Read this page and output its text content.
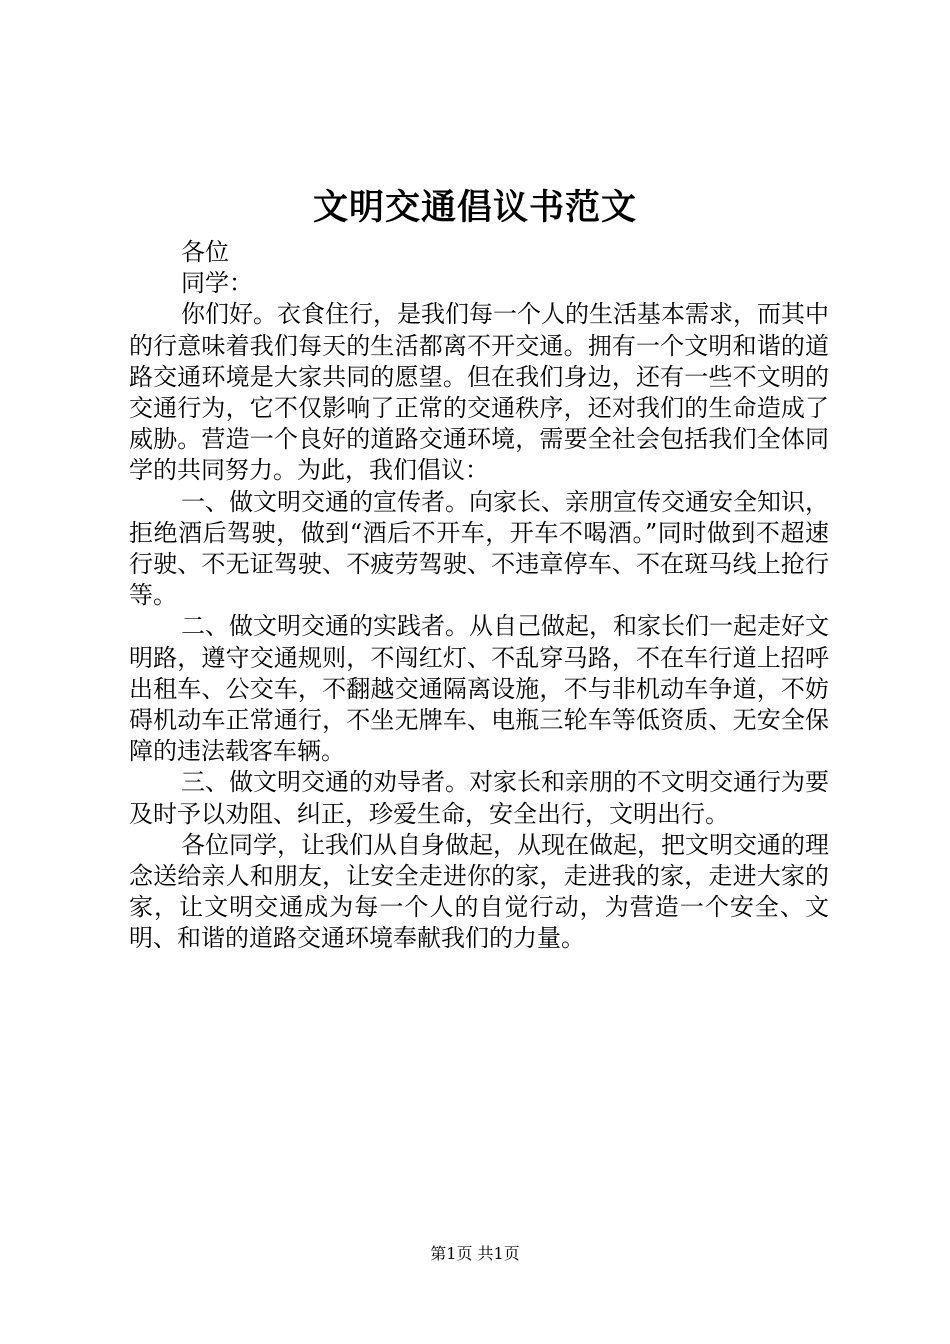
文明交通倡议书范文

各位

同学：

你们好。衣食住行，是我们每一个人的生活基本需求，而其中的行意味着我们每天的生活都离不开交通。拥有一个文明和谐的道路交通环境是大家共同的愿望。但在我们身边，还有一些不文明的交通行为，它不仅影响了正常的交通秩序，还对我们的生命造成了威胁。营造一个良好的道路交通环境，需要全社会包括我们全体同学的共同努力。为此，我们倡议：

一、做文明交通的宣传者。向家长、亲朋宣传交通安全知识，拒绝酒后驾驶，做到“酒后不开车，开车不喝酒。”同时做到不超速行驶、不无证驾驶、不疲劳驾驶、不违章停车、不在斑马线上抢行等。

二、做文明交通的实践者。从自己做起，和家长们一起走好文明路，遵守交通规则，不闯红灯、不乱穿马路，不在车行道上招呼出租车、公交车，不翻越交通隔离设施，不与非机动车争道，不妨碍机动车正常通行，不坐无牌车、电瓶三轮车等低资质、无安全保障的违法载客车辆。

三、做文明交通的劝导者。对家长和亲朋的不文明交通行为要及时予以劝阻、纠正，珍爱生命，安全出行，文明出行。

各位同学，让我们从自身做起，从现在做起，把文明交通的理念送给亲人和朋友，让安全走进你的家，走进我的家，走进大家的家，让文明交通成为每一个人的自觉行动，为营造一个安全、文明、和谐的道路交通环境奉献我们的力量。

第1页 共1页
